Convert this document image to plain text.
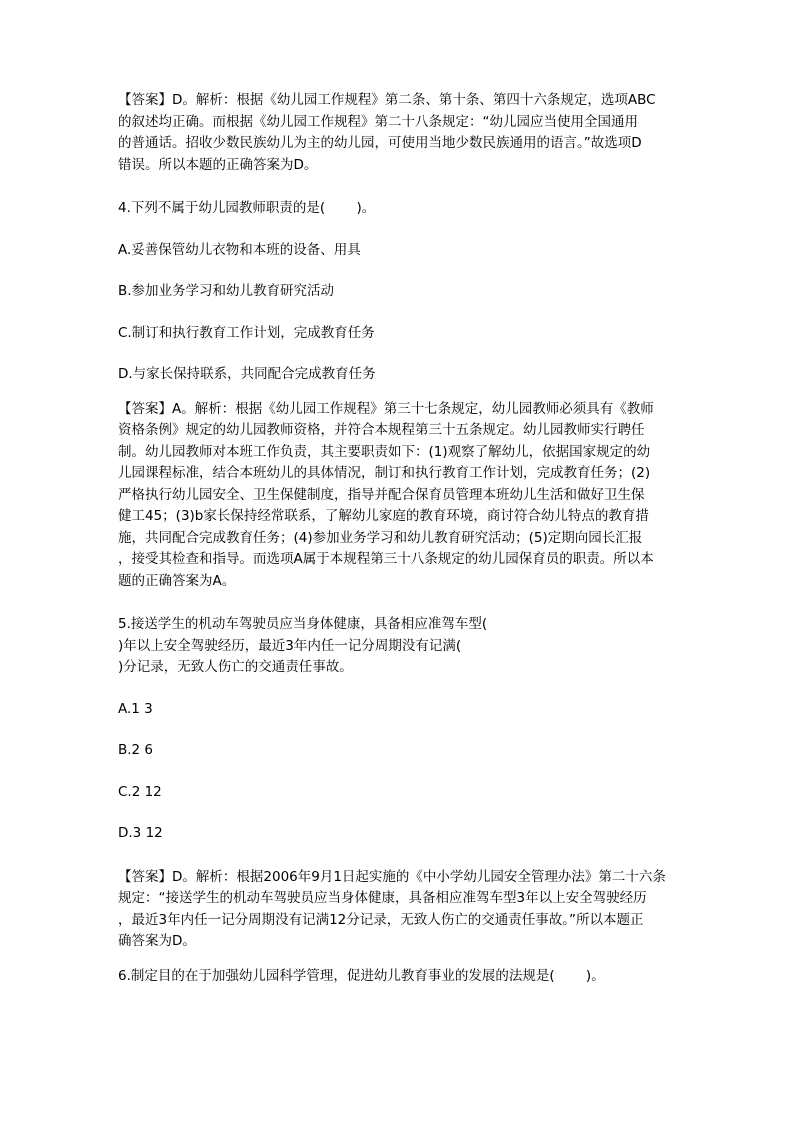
【答案】D。解析：根据《幼儿园工作规程》第二条、第十条、第四十六条规定，选项ABC

的叙述均正确。而根据《幼儿园工作规程》第二十八条规定：“幼儿园应当使用全国通用

的普通话。招收少数民族幼儿为主的幼儿园，可使用当地少数民族通用的语言。”故选项D

错误。所以本题的正确答案为D。

4.下列不属于幼儿园教师职责的是(　　 )。

A.妥善保管幼儿衣物和本班的设备、用具

B.参加业务学习和幼儿教育研究活动

C.制订和执行教育工作计划，完成教育任务

D.与家长保持联系，共同配合完成教育任务

【答案】A。解析：根据《幼儿园工作规程》第三十七条规定，幼儿园教师必须具有《教师

资格条例》规定的幼儿园教师资格，并符合本规程第三十五条规定。幼儿园教师实行聘任

制。幼儿园教师对本班工作负责，其主要职责如下：(1)观察了解幼儿，依据国家规定的幼

儿园课程标准，结合本班幼儿的具体情况，制订和执行教育工作计划，完成教育任务；(2)

严格执行幼儿园安全、卫生保健制度，指导并配合保育员管理本班幼儿生活和做好卫生保

健工45；(3)b家长保持经常联系，了解幼儿家庭的教育环境，商讨符合幼儿特点的教育措

施，共同配合完成教育任务；(4)参加业务学习和幼儿教育研究活动；(5)定期向园长汇报

，接受其检查和指导。而选项A属于本规程第三十八条规定的幼儿园保育员的职责。所以本

题的正确答案为A。

5.接送学生的机动车驾驶员应当身体健康，具备相应准驾车型(

)年以上安全驾驶经历，最近3年内任一记分周期没有记满(

)分记录，无致人伤亡的交通责任事故。

A.1 3

B.2 6

C.2 12

D.3 12

【答案】D。解析：根据2006年9月1日起实施的《中小学幼儿园安全管理办法》第二十六条

规定：“接送学生的机动车驾驶员应当身体健康，具备相应准驾车型3年以上安全驾驶经历

，最近3年内任一记分周期没有记满12分记录，无致人伤亡的交通责任事故。”所以本题正

确答案为D。

6.制定目的在于加强幼儿园科学管理，促进幼儿教育事业的发展的法规是(　　 )。
